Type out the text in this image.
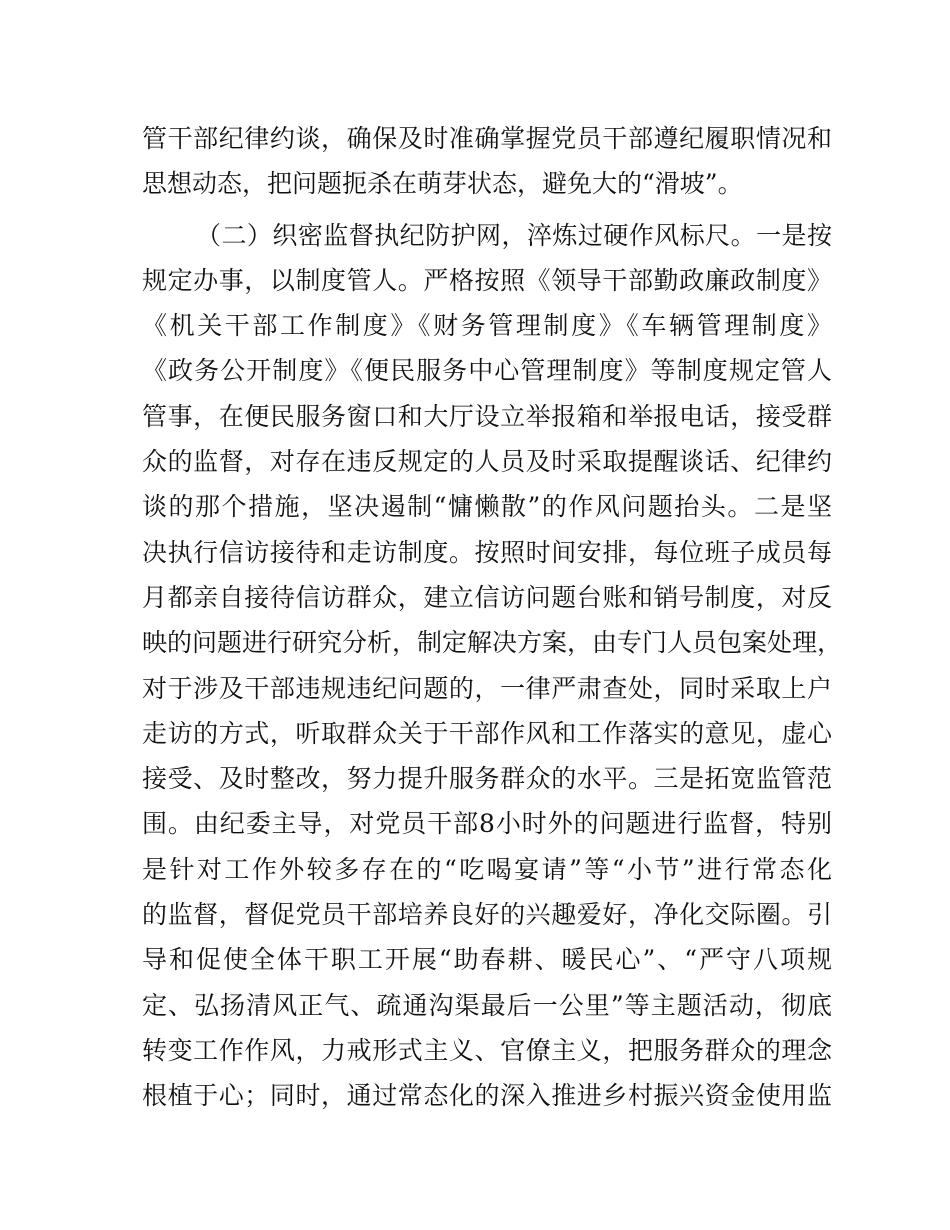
管干部纪律约谈，确保及时准确掌握党员干部遵纪履职情况和
思想动态，把问题扼杀在萌芽状态，避免大的“滑坡”。
（二）织密监督执纪防护网，淬炼过硬作风标尺。一是按
规定办事，以制度管人。严格按照《领导干部勤政廉政制度》
《机关干部工作制度》《财务管理制度》《车辆管理制度》
《政务公开制度》《便民服务中心管理制度》等制度规定管人
管事，在便民服务窗口和大厅设立举报箱和举报电话，接受群
众的监督，对存在违反规定的人员及时采取提醒谈话、纪律约
谈的那个措施，坚决遏制“慵懒散”的作风问题抬头。二是坚
决执行信访接待和走访制度。按照时间安排，每位班子成员每
月都亲自接待信访群众，建立信访问题台账和销号制度，对反
映的问题进行研究分析，制定解决方案，由专门人员包案处理，
对于涉及干部违规违纪问题的，一律严肃查处，同时采取上户
走访的方式，听取群众关于干部作风和工作落实的意见，虚心
接受、及时整改，努力提升服务群众的水平。三是拓宽监管范
围。由纪委主导，对党员干部8小时外的问题进行监督，特别
是针对工作外较多存在的“吃喝宴请”等“小节”进行常态化
的监督，督促党员干部培养良好的兴趣爱好，净化交际圈。引
导和促使全体干职工开展“助春耕、暖民心”、“严守八项规
定、弘扬清风正气、疏通沟渠最后一公里”等主题活动，彻底
转变工作作风，力戒形式主义、官僚主义，把服务群众的理念
根植于心；同时，通过常态化的深入推进乡村振兴资金使用监
